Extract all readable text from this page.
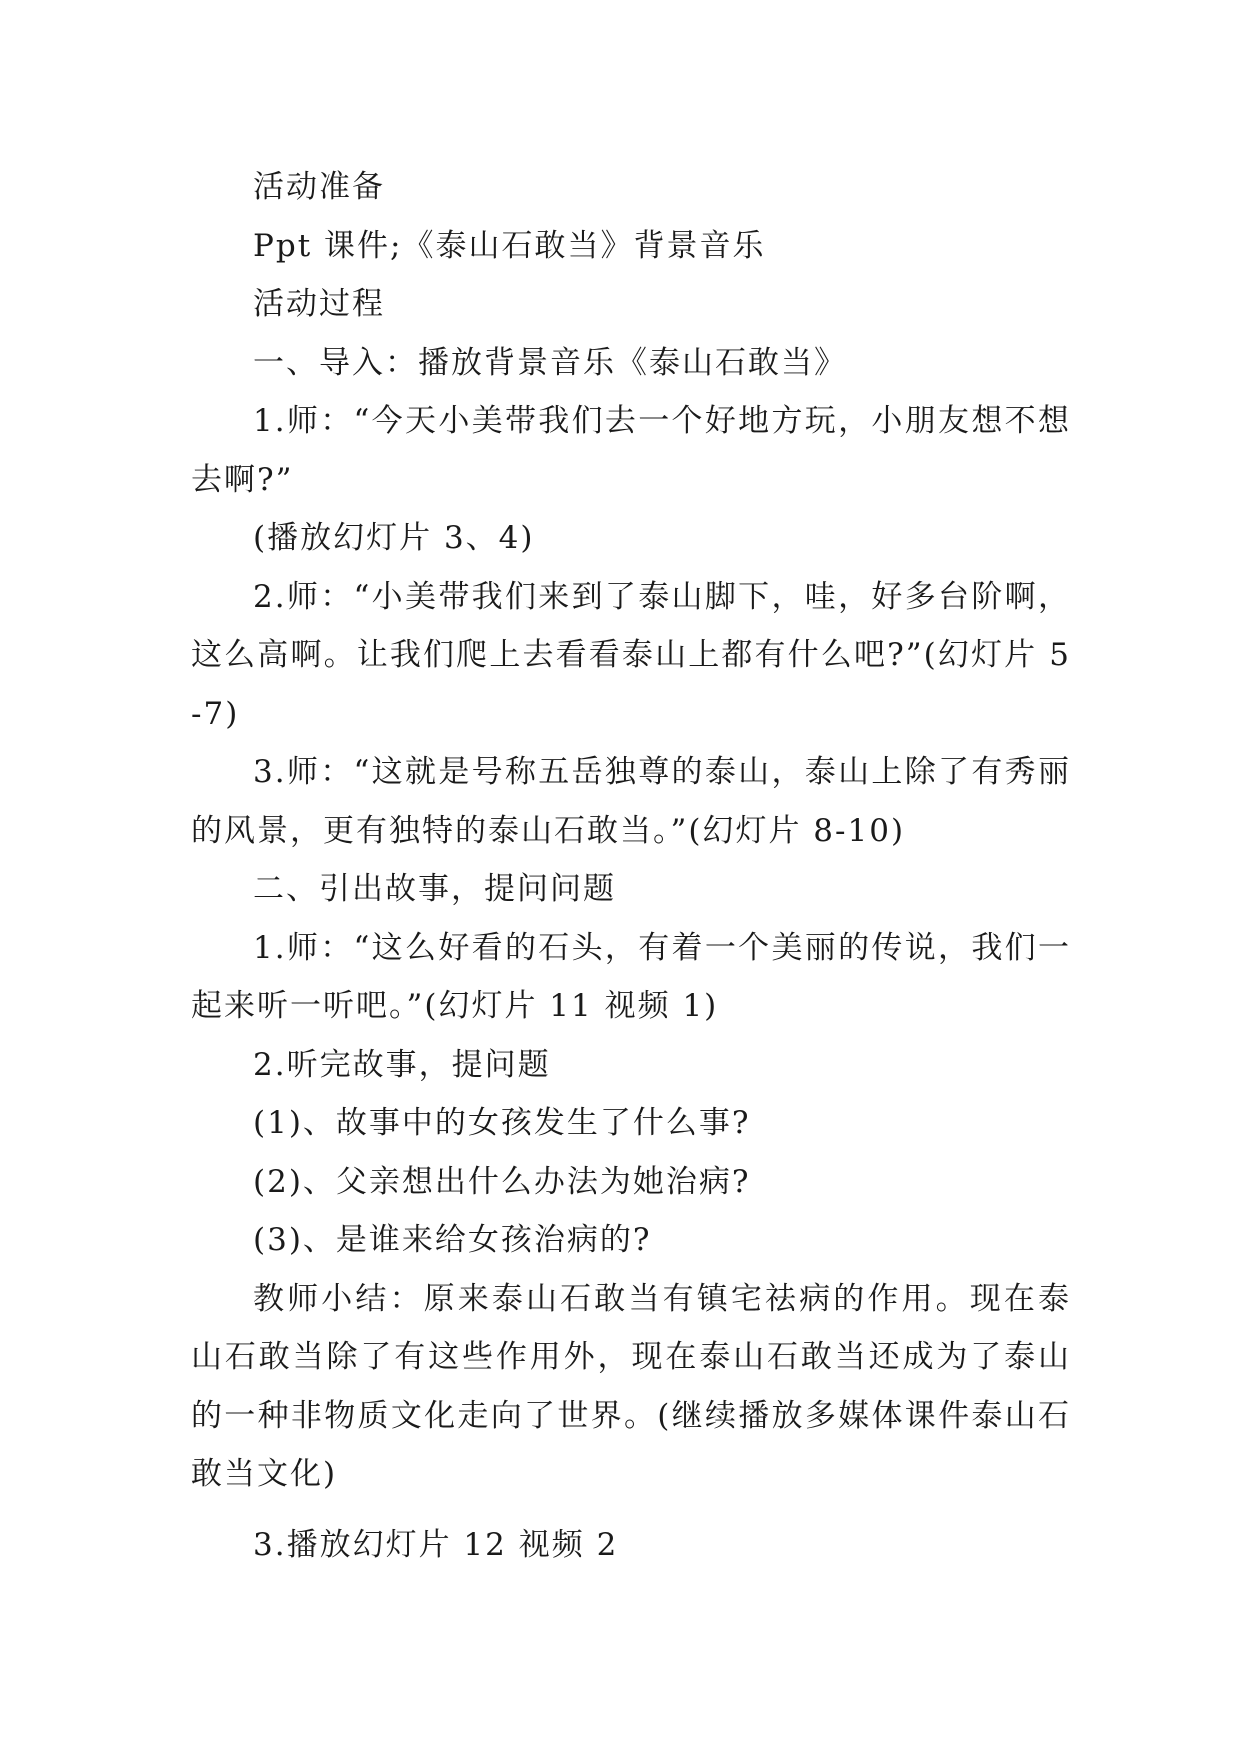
活动准备

Ppt 课件;《泰山石敢当》背景音乐

活动过程

一、导入：播放背景音乐《泰山石敢当》

1.师：“今天小美带我们去一个好地方玩，小朋友想不想去啊?”

(播放幻灯片 3、4)

2.师：“小美带我们来到了泰山脚下，哇，好多台阶啊，这么高啊。让我们爬上去看看泰山上都有什么吧?”(幻灯片 5-7)

3.师：“这就是号称五岳独尊的泰山，泰山上除了有秀丽的风景，更有独特的泰山石敢当。”(幻灯片 8-10)

二、引出故事，提问问题

1.师：“这么好看的石头，有着一个美丽的传说，我们一起来听一听吧。”(幻灯片 11 视频 1)

2.听完故事，提问题

(1)、故事中的女孩发生了什么事?

(2)、父亲想出什么办法为她治病?

(3)、是谁来给女孩治病的?

教师小结：原来泰山石敢当有镇宅祛病的作用。现在泰山石敢当除了有这些作用外，现在泰山石敢当还成为了泰山的一种非物质文化走向了世界。(继续播放多媒体课件泰山石敢当文化)

3.播放幻灯片 12 视频 2
